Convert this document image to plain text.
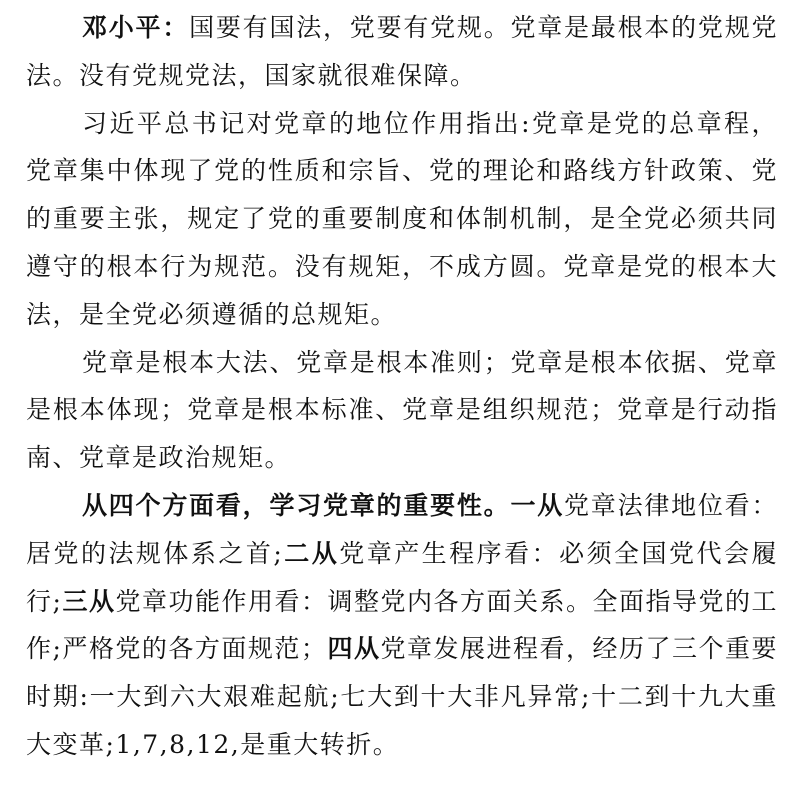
邓小平：国要有国法，党要有党规。党章是最根本的党规党法。没有党规党法，国家就很难保障。

习近平总书记对党章的地位作用指出:党章是党的总章程，党章集中体现了党的性质和宗旨、党的理论和路线方针政策、党的重要主张，规定了党的重要制度和体制机制，是全党必须共同遵守的根本行为规范。没有规矩，不成方圆。党章是党的根本大法，是全党必须遵循的总规矩。

党章是根本大法、党章是根本准则；党章是根本依据、党章是根本体现；党章是根本标准、党章是组织规范；党章是行动指南、党章是政治规矩。

从四个方面看，学习党章的重要性。一从党章法律地位看：居党的法规体系之首;二从党章产生程序看：必须全国党代会履行;三从党章功能作用看：调整党内各方面关系。全面指导党的工作;严格党的各方面规范；四从党章发展进程看，经历了三个重要时期:一大到六大艰难起航;七大到十大非凡异常;十二到十九大重大变革;1,7,8,12,是重大转折。
